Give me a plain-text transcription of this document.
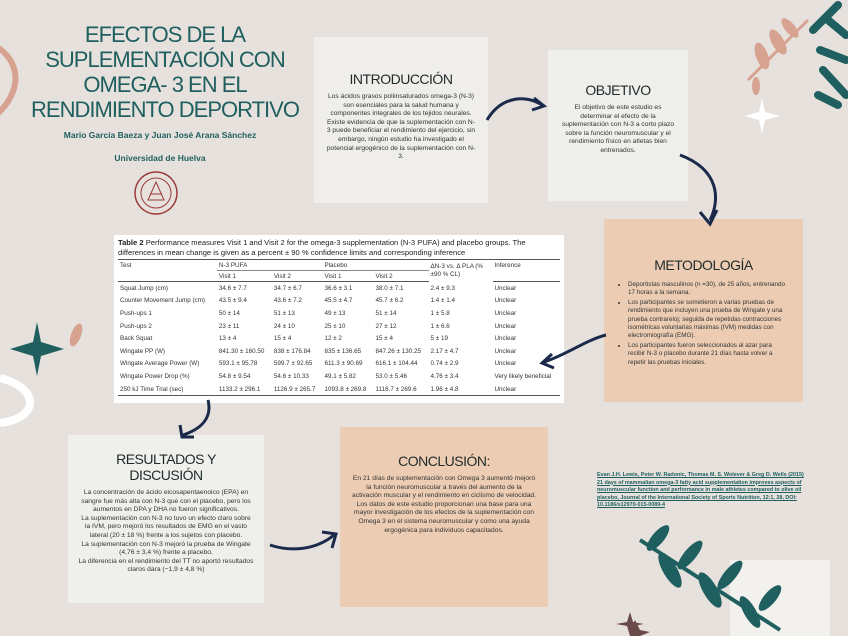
EFECTOS DE LA
SUPLEMENTACIÓN CON
OMEGA- 3 EN EL
RENDIMIENTO DEPORTIVO
Mario García Baeza y Juan José Arana Sánchez
Universidad de Huelva
INTRODUCCIÓN

Los ácidos grasos poliinsaturados omega-3 (N-3) son esenciales para la salud humana y componentes integrales de los tejidos neurales. Existe evidencia de que la suplementación con N-3 puede beneficiar el rendimiento del ejercicio, sin embargo, ningún estudio ha investigado el potencial ergogénico de la suplementación con N-3.

OBJETIVO

El objetivo de este estudio es determinar el efecto de la suplementación con N-3 a corto plazo sobre la función neuromuscular y el rendimiento físico en atletas bien entrenados.

METODOLOGÍA
• Deportistas masculinos (n =30), de 25 años, entrenando 17 horas a la semana.
• Los participantes se sometieron a varias pruebas de rendimiento que incluyen una prueba de Wingate y una prueba contrareloj; seguida de repetidas contracciones isométricas voluntarias máximas (IVM) medidas con electromiografía (EMG).
• Los participantes fueron seleccionados al azar para recibir N-3 o placebo durante 21 días hasta volver a repetir las pruebas iniciales.
Table 2 Performance measures Visit 1 and Visit 2 for the omega-3 supplementation (N-3 PUFA) and placebo groups. The differences in mean change is given as a percent ± 90 % confidence limits and corresponding inference
Test	N-3 PUFA		Placebo		ΔN-3 vs. Δ PLA (% ±90 % CL)	Inference
	Visit 1	Visit 2	Visit 1	Visit 2		
Squat Jump (cm)	34.6 ± 7.7	34.7 ± 6.7	36.6 ± 3.1	38.0 ± 7.1	2.4 ± 9.3	Unclear
Counter Movement Jump (cm)	43.5 ± 9.4	43.6 ± 7.2	45.5 ± 4.7	45.7 ± 6.2	1.4 ± 1.4	Unclear
Push-ups 1	50 ± 14	51 ± 13	49 ± 13	51 ± 14	1 ± 5.8	Unclear
Push-ups 2	23 ± 11	24 ± 10	25 ± 10	27 ± 12	1 ± 6.6	Unclear
Back Squat	13 ± 4	15 ± 4	12 ± 2	15 ± 4	5 ± 19	Unclear
Wingate PP (W)	841.30 ± 160.50	838 ± 176.84	835 ± 136.65	847.26 ± 130.25	2.17 ± 4.7	Unclear
Wingate Average Power (W)	593.1 ± 95.78	599.7 ± 92.65	611.3 ± 90.69	616.1 ± 104.44	0.74 ± 2.9	Unclear
Wingate Power Drop (%)	54.8 ± 9.54	54.6 ± 10.33	49.1 ± 5.82	53.0 ± 5.46	4.76 ± 3.4	Very likely beneficial
250 kJ Time Trial (sec)	1133.2 ± 296.1	1126.9 ± 265.7	1093.8 ± 269.8	1116.7 ± 269.6	1.96 ± 4.8	Unclear
RESULTADOS Y DISCUSIÓN

La concentración de ácido eicosapentaenoico (EPA) en sangre fue más alta con N-3 que con el placebo, pero los aumentos en DPA y DHA no fueron significativos.
La suplementación con N-3 no tuvo un efecto claro sobre la IVM, pero mejoró los resultados de EMG en el vasto lateral (20 ± 18 %) frente a los sujetos con placebo.
La suplementación con N-3 mejoró la prueba de Wingate (4,76 ± 3,4 %) frente a placebo.
La diferencia en el rendimiento del TT no aportó resultados claros dara (−1,9 ± 4,8 %)

CONCLUSIÓN:

En 21 días de suplementación con Omega 3 aumentó mejoró la función neuromuscular a través del aumento de la activación muscular y el rendimiento en ciclismo de velocidad.
Los datos de este estudio proporcionan una base para una mayor investigación de los efectos de la suplementación con Omega 3 en el sistema neuromuscular y como una ayuda ergogénica para individuos capacitados.

Evan J.H. Lewis, Peter W. Radonic, Thomas M. S. Wolever & Greg D. Wells (2015) 21 days of mammalian omega-3 fatty acid supplementation improves aspects of neuromuscular function and performance in male athletes compared to olive oil placebo, Journal of the International Society of Sports Nutrition, 12:1, 28, DOI: 10.1186/s12970-015-0089-4
